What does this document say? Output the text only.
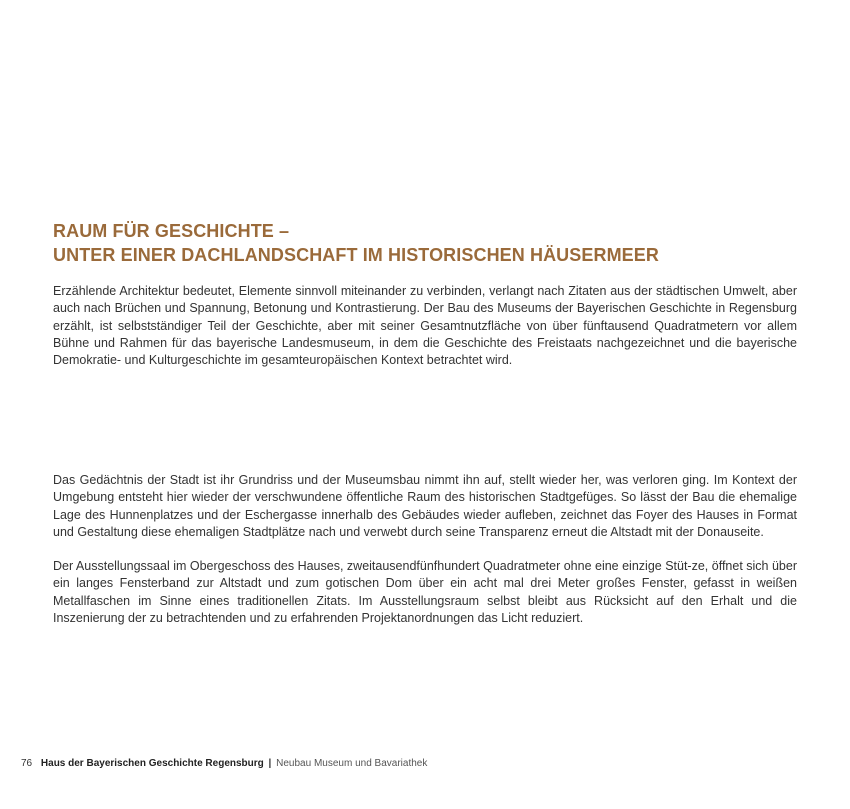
RAUM FÜR GESCHICHTE –
UNTER EINER DACHLANDSCHAFT IM HISTORISCHEN HÄUSERMEER

Erzählende Architektur bedeutet, Elemente sinnvoll miteinander zu verbinden, verlangt nach Zitaten aus der städtischen Umwelt, aber auch nach Brüchen und Spannung, Betonung und Kontrastierung. Der Bau des Museums der Bayerischen Geschichte in Regensburg erzählt, ist selbstständiger Teil der Geschichte, aber mit seiner Gesamtnutzfläche von über fünftausend Quadratmetern vor allem Bühne und Rahmen für das bayerische Landesmuseum, in dem die Geschichte des Freistaats nachgezeichnet und die bayerische Demokratie- und Kulturgeschichte im gesamteuropäischen Kontext betrachtet wird.

Das Gedächtnis der Stadt ist ihr Grundriss und der Museumsbau nimmt ihn auf, stellt wieder her, was verloren ging. Im Kontext der Umgebung entsteht hier wieder der verschwundene öffentliche Raum des historischen Stadtgefüges. So lässt der Bau die ehemalige Lage des Hunnenplatzes und der Eschergasse innerhalb des Gebäudes wieder aufleben, zeichnet das Foyer des Hauses in Format und Gestaltung diese ehemaligen Stadtplätze nach und verwebt durch seine Transparenz erneut die Altstadt mit der Donauseite.

Der Ausstellungssaal im Obergeschoss des Hauses, zweitausendfünfhundert Quadratmeter ohne eine einzige Stüt-ze, öffnet sich über ein langes Fensterband zur Altstadt und zum gotischen Dom über ein acht mal drei Meter großes Fenster, gefasst in weißen Metallfaschen im Sinne eines traditionellen Zitats. Im Ausstellungsraum selbst bleibt aus Rücksicht auf den Erhalt und die Inszenierung der zu betrachtenden und zu erfahrenden Projektanordnungen das Licht reduziert.

76 Haus der Bayerischen Geschichte Regensburg | Neubau Museum und Bavariathek
